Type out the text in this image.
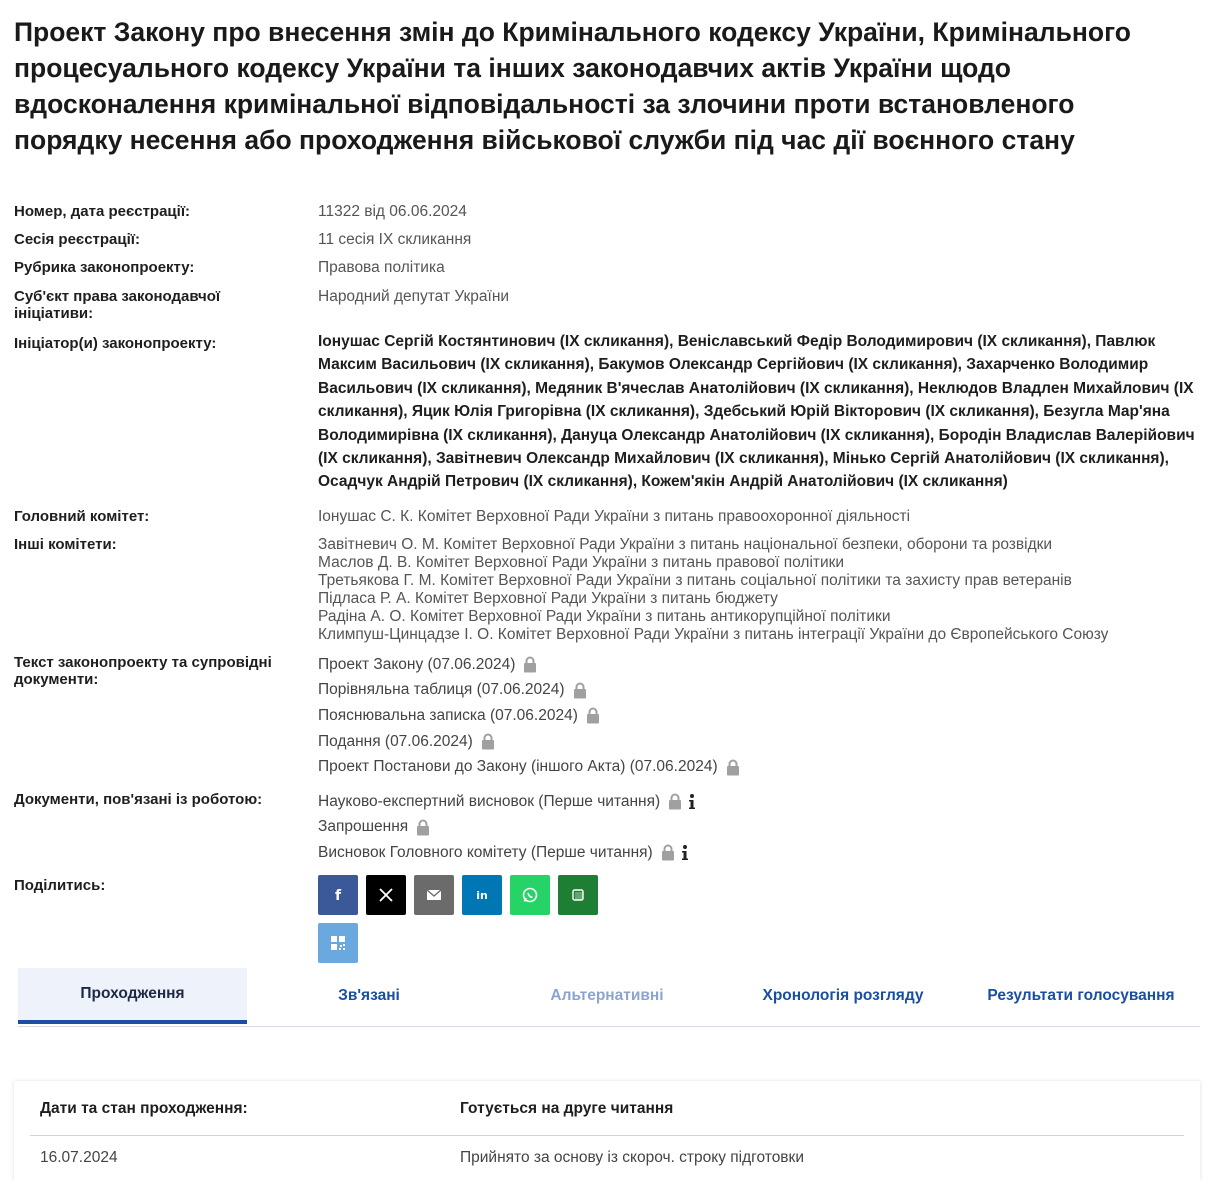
Проект Закону про внесення змін до Кримінального кодексу України, Кримінального процесуального кодексу України та інших законодавчих актів України щодо вдосконалення кримінальної відповідальності за злочини проти встановленого порядку несення або проходження військової служби під час дії воєнного стану
Номер, дата реєстрації:	11322 від 06.06.2024
Сесія реєстрації:	11 сесія IX скликання
Рубрика законопроекту:	Правова політика
Суб'єкт права законодавчої ініціативи:
Народний депутат України
Ініціатор(и) законопроекту:	Іонушас Сергій Костянтинович (IX скликання), Веніславський Федір Володимирович (IX скликання), Павлюк Максим Васильович (IX скликання), Бакумов Олександр Сергійович (IX скликання), Захарченко Володимир Васильович (IX скликання), Медяник В'ячеслав Анатолійович (IX скликання), Неклюдов Владлен Михайлович (IX скликання), Яцик Юлія Григорівна (IX скликання), Здебський Юрій Вікторович (IX скликання), Безугла Мар'яна Володимирівна (IX скликання), Дануца Олександр Анатолійович (IX скликання), Бородін Владислав Валерійович (IX скликання), Завітневич Олександр Михайлович (IX скликання), Мінько Сергій Анатолійович (IX скликання), Осадчук Андрій Петрович (IX скликання), Кожем'якін Андрій Анатолійович (IX скликання)
Головний комітет:	Іонушас С. К. Комітет Верховної Ради України з питань правоохоронної діяльності
Інші комітети:	Завітневич О. М. Комітет Верховної Ради України з питань національної безпеки, оборони та розвідки
Маслов Д. В. Комітет Верховної Ради України з питань правової політики
Третьякова Г. М. Комітет Верховної Ради України з питань соціальної політики та захисту прав ветеранів
Підласа Р. А. Комітет Верховної Ради України з питань бюджету
Радіна А. О. Комітет Верховної Ради України з питань антикорупційної політики
Климпуш-Цинцадзе І. О. Комітет Верховної Ради України з питань інтеграції України до Європейського Союзу
Текст законопроекту та супровідні документи:
Проект Закону (07.06.2024)
Порівняльна таблиця (07.06.2024)
Пояснювальна записка (07.06.2024)
Подання (07.06.2024)
Проект Постанови до Закону (іншого Акта) (07.06.2024)
Документи, пов'язані із роботою:	Науково-експертний висновок (Перше читання)
Запрошення
Висновок Головного комітету (Перше читання)
Поділитись:
f	in
Проходження	Зв'язані	Альтернативні	Хронологія розгляду	Результати голосування
Дати та стан проходження:	Готується на друге читання
16.07.2024	Прийнято за основу із скороч. строку підготовки
